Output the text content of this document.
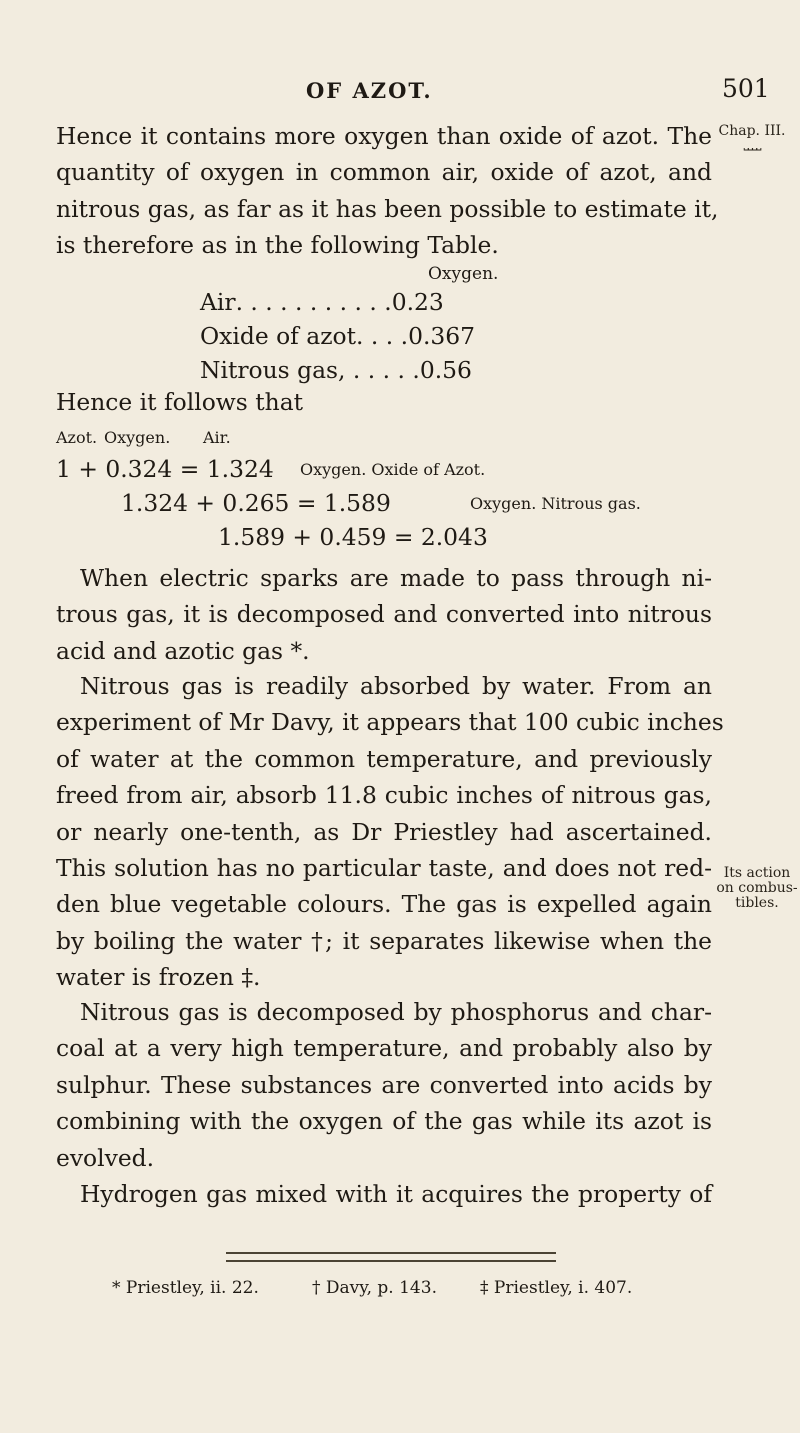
OF AZOT.	501
Chap. III.
⎵⎵⎵⎵
Its action
on combus-
tibles.
Hence it contains more oxygen than oxide of azot. The
quantity of oxygen in common air, oxide of azot, and
nitrous gas, as far as it has been possible to estimate it,
is therefore as in the following Table.
Oxygen.
Air. . . . . . . . . . .0.23
Oxide of azot. . . .0.367
Nitrous gas, . . . . .0.56
Hence it follows that
Azot. Oxygen. Air.
1 + 0.324 = 1.324 Oxygen. Oxide of Azot.
1.324 + 0.265 = 1.589	Oxygen. Nitrous gas.
1.589 + 0.459 = 2.043
When electric sparks are made to pass through ni-
trous gas, it is decomposed and converted into nitrous
acid and azotic gas *.
Nitrous gas is readily absorbed by water. From an
experiment of Mr Davy, it appears that 100 cubic inches
of water at the common temperature, and previously
freed from air, absorb 11.8 cubic inches of nitrous gas,
or nearly one-tenth, as Dr Priestley had ascertained.
This solution has no particular taste, and does not red-
den blue vegetable colours. The gas is expelled again
by boiling the water †; it separates likewise when the
water is frozen ‡.
Nitrous gas is decomposed by phosphorus and char-
coal at a very high temperature, and probably also by
sulphur. These substances are converted into acids by
combining with the oxygen of the gas while its azot is
evolved.
Hydrogen gas mixed with it acquires the property of
* Priestley, ii. 22.	† Davy, p. 143.	‡ Priestley, i. 407.
